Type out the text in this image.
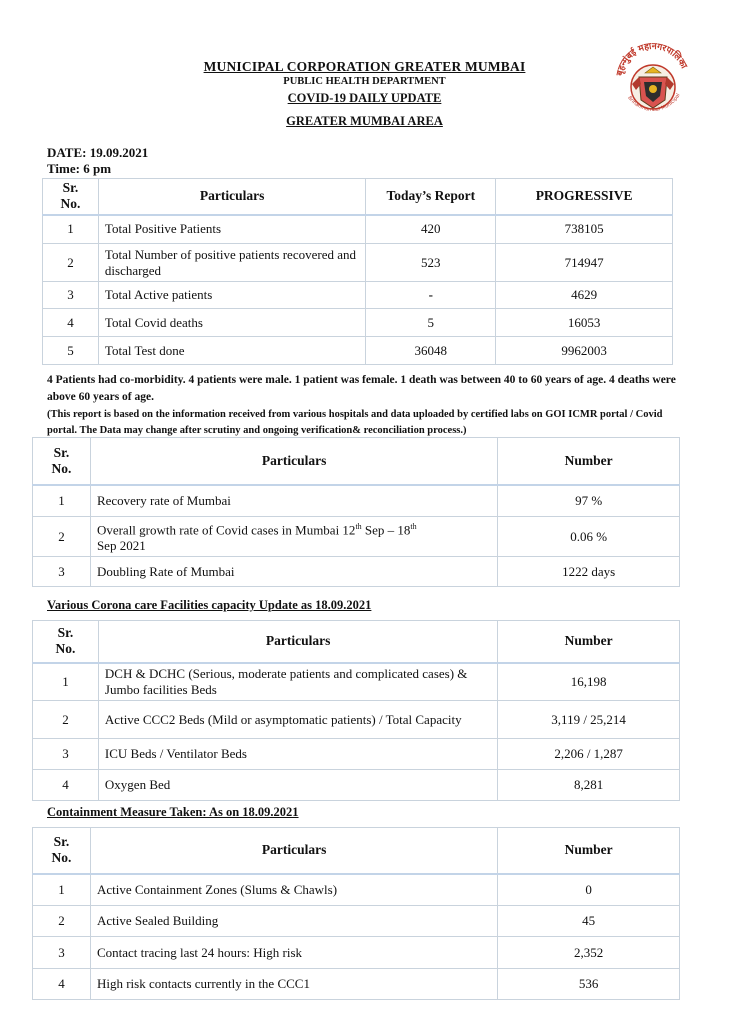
MUNICIPAL CORPORATION GREATER MUMBAI
PUBLIC HEALTH DEPARTMENT
COVID-19 DAILY UPDATE
GREATER MUMBAI AREA
बृहन्मुंबई महानगरपालिका
Brihanmumbai Municipal
DATE: 19.09.2021
Time: 6 pm
Sr.
No.	Particulars	Today’s Report	PROGRESSIVE
1	Total Positive Patients	420	738105
2	Total Number of positive patients recovered and discharged	523	714947
3	Total Active patients	-	4629
4	Total Covid deaths	5	16053
5	Total Test done	36048	9962003
4 Patients had co-morbidity. 4 patients were male. 1 patient was female. 1 death was between 40 to 60 years of age. 4 deaths were above 60 years of age.
(This report is based on the information received from various hospitals and data uploaded by certified labs on GOI ICMR portal / Covid portal. The Data may change after scrutiny and ongoing verification& reconciliation process.)
Sr.
No.	Particulars	Number
1	Recovery rate of Mumbai	97 %
2	Overall growth rate of Covid cases in Mumbai 12th Sep – 18th
Sep 2021	0.06 %
3	Doubling Rate of Mumbai	1222 days
Various Corona care Facilities capacity Update as 18.09.2021
Sr.
No.	Particulars	Number
1	DCH & DCHC (Serious, moderate patients and complicated cases) & Jumbo facilities Beds	16,198
2	Active CCC2 Beds (Mild or asymptomatic patients) / Total Capacity	3,119 / 25,214
3	ICU Beds / Ventilator Beds	2,206 / 1,287
4	Oxygen Bed	8,281
Containment Measure Taken: As on 18.09.2021
Sr.
No.	Particulars	Number
1	Active Containment Zones (Slums & Chawls)	0
2	Active Sealed Building	45
3	Contact tracing last 24 hours: High risk	2,352
4	High risk contacts currently in the CCC1	536
